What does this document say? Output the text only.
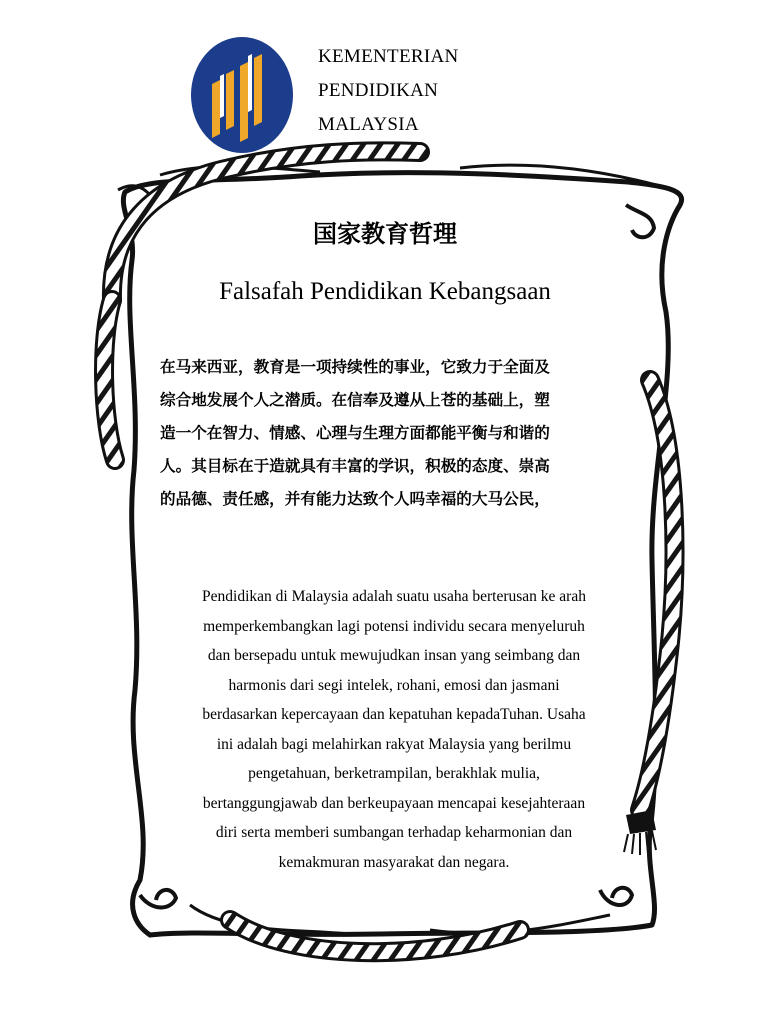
KEMENTERIAN
PENDIDIKAN
MALAYSIA
国家教育哲理
Falsafah Pendidikan Kebangsaan
在马来西亚，教育是一项持续性的事业，它致力于全面及
综合地发展个人之潜质。在信奉及遵从上苍的基础上，塑
造一个在智力、情感、心理与生理方面都能平衡与和谐的
人。其目标在于造就具有丰富的学识，积极的态度、崇高
的品德、责任感，并有能力达致个人吗幸福的大马公民，
Pendidikan di Malaysia adalah suatu usaha berterusan ke arah
memperkembangkan lagi potensi individu secara menyeluruh
dan bersepadu untuk mewujudkan insan yang seimbang dan
harmonis dari segi intelek, rohani, emosi dan jasmani
berdasarkan kepercayaan dan kepatuhan kepadaTuhan. Usaha
ini adalah bagi melahirkan rakyat Malaysia yang berilmu
pengetahuan, berketrampilan, berakhlak mulia,
bertanggungjawab dan berkeupayaan mencapai kesejahteraan
diri serta memberi sumbangan terhadap keharmonian dan
kemakmuran masyarakat dan negara.
